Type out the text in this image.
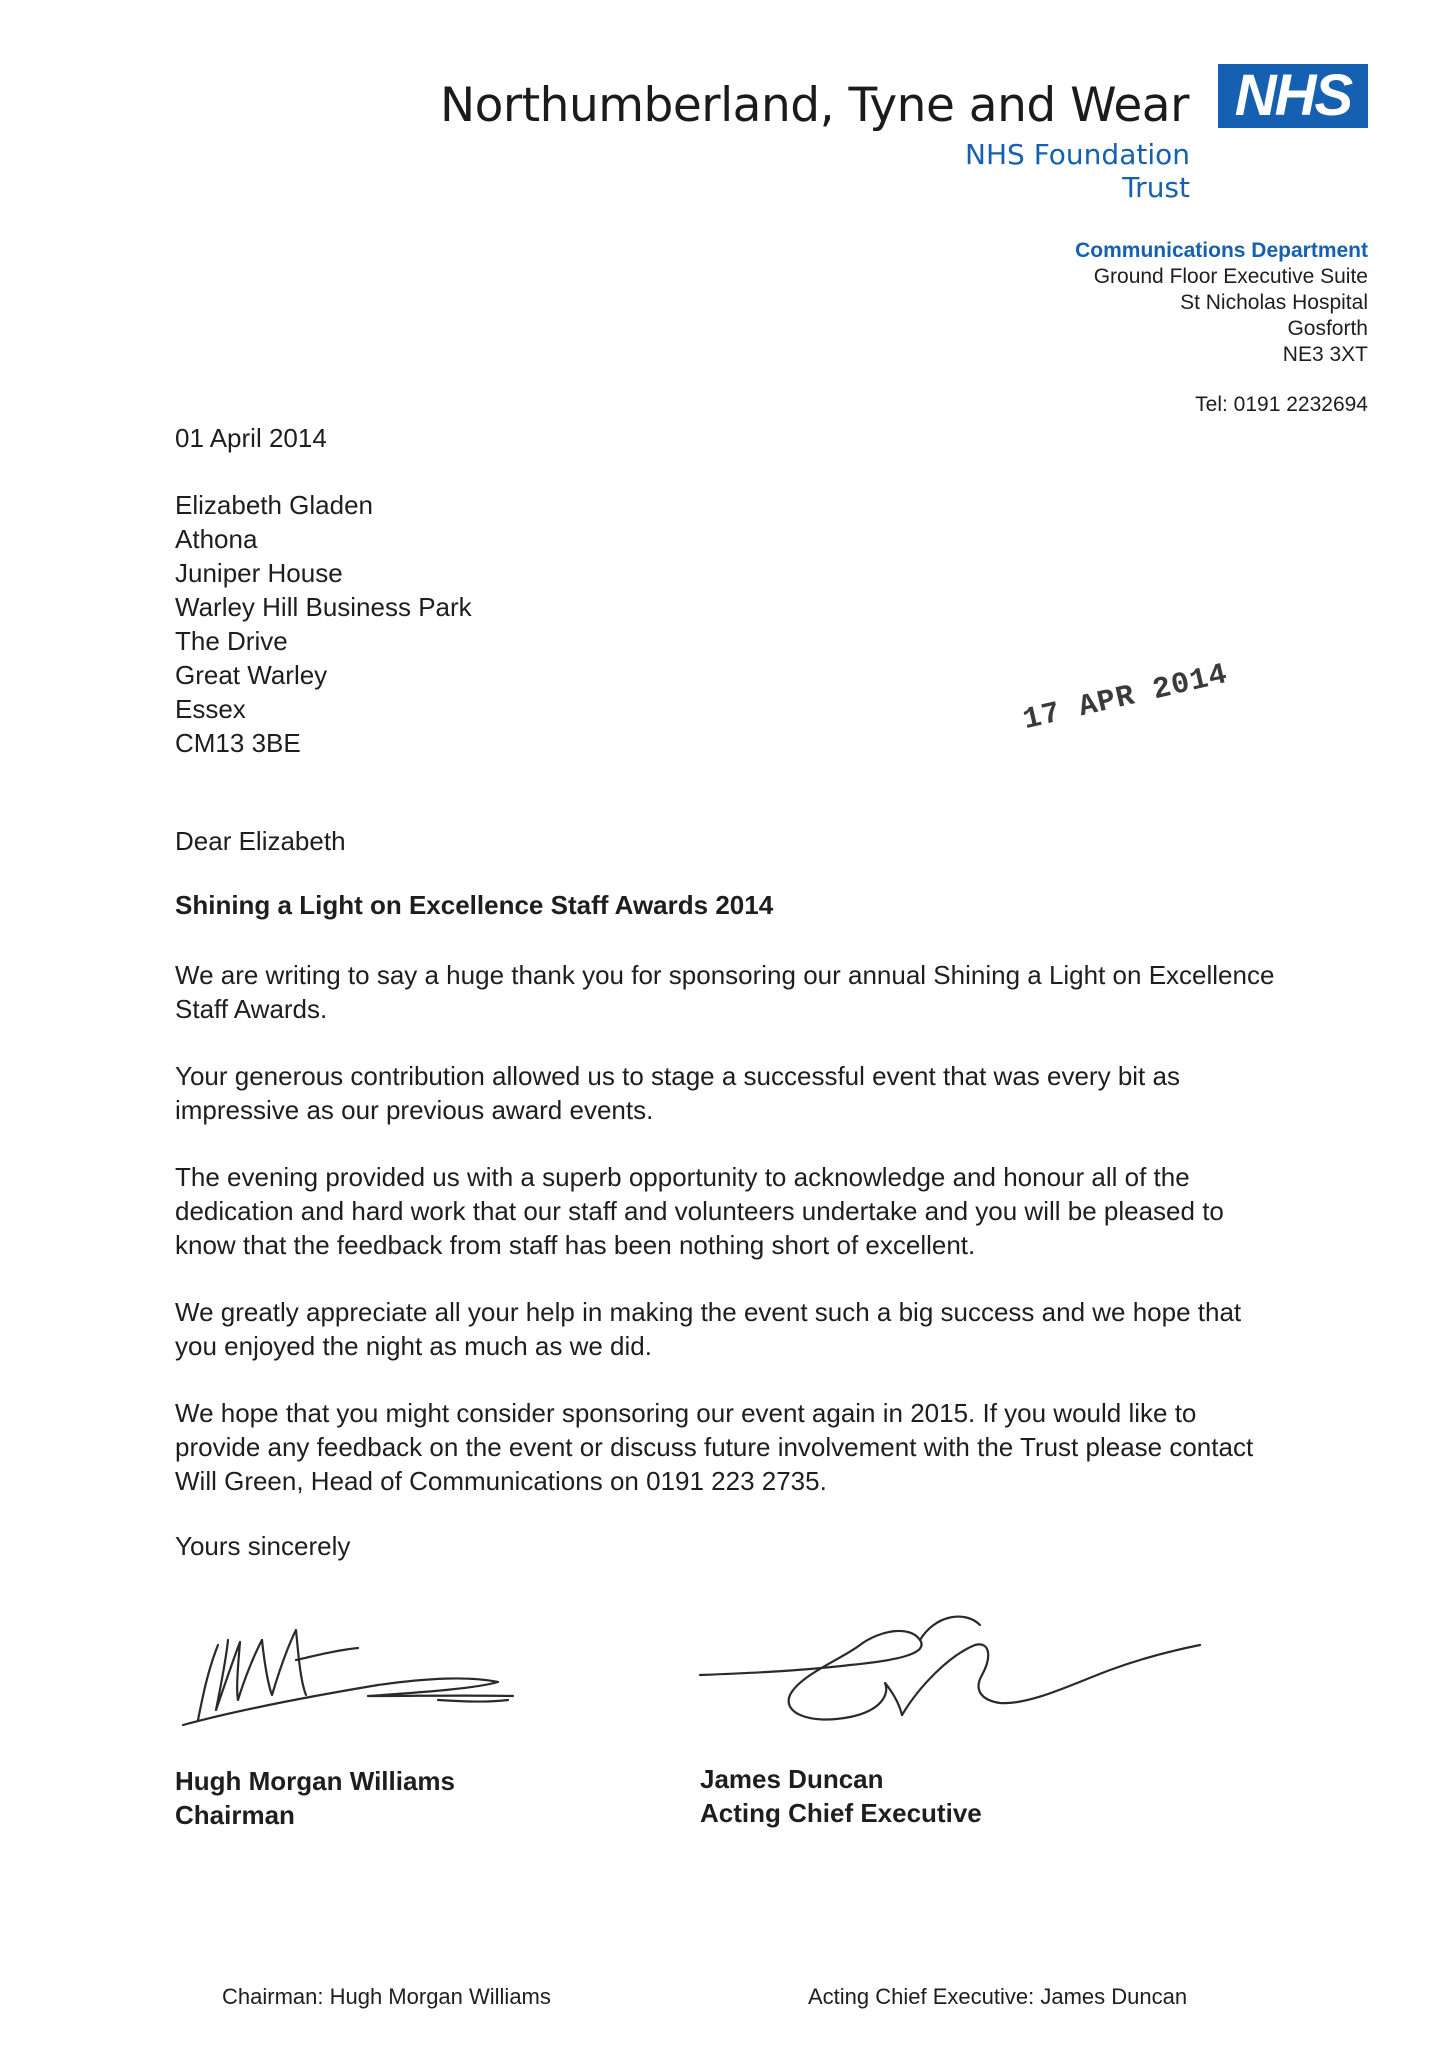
Northumberland, Tyne and Wear NHS
NHS Foundation Trust
Communications Department
Ground Floor Executive Suite
St Nicholas Hospital
Gosforth
NE3 3XT
Tel: 0191 2232694
01 April 2014
Elizabeth Gladen
Athona
Juniper House
Warley Hill Business Park
The Drive
Great Warley
Essex
CM13 3BE
17 APR 2014
Dear Elizabeth
Shining a Light on Excellence Staff Awards 2014
We are writing to say a huge thank you for sponsoring our annual Shining a Light on Excellence Staff Awards.
Your generous contribution allowed us to stage a successful event that was every bit as impressive as our previous award events.
The evening provided us with a superb opportunity to acknowledge and honour all of the dedication and hard work that our staff and volunteers undertake and you will be pleased to know that the feedback from staff has been nothing short of excellent.
We greatly appreciate all your help in making the event such a big success and we hope that you enjoyed the night as much as we did.
We hope that you might consider sponsoring our event again in 2015. If you would like to provide any feedback on the event or discuss future involvement with the Trust please contact Will Green, Head of Communications on 0191 223 2735.
Yours sincerely
Hugh Morgan Williams
Chairman
James Duncan
Acting Chief Executive
Chairman: Hugh Morgan Williams	Acting Chief Executive: James Duncan
